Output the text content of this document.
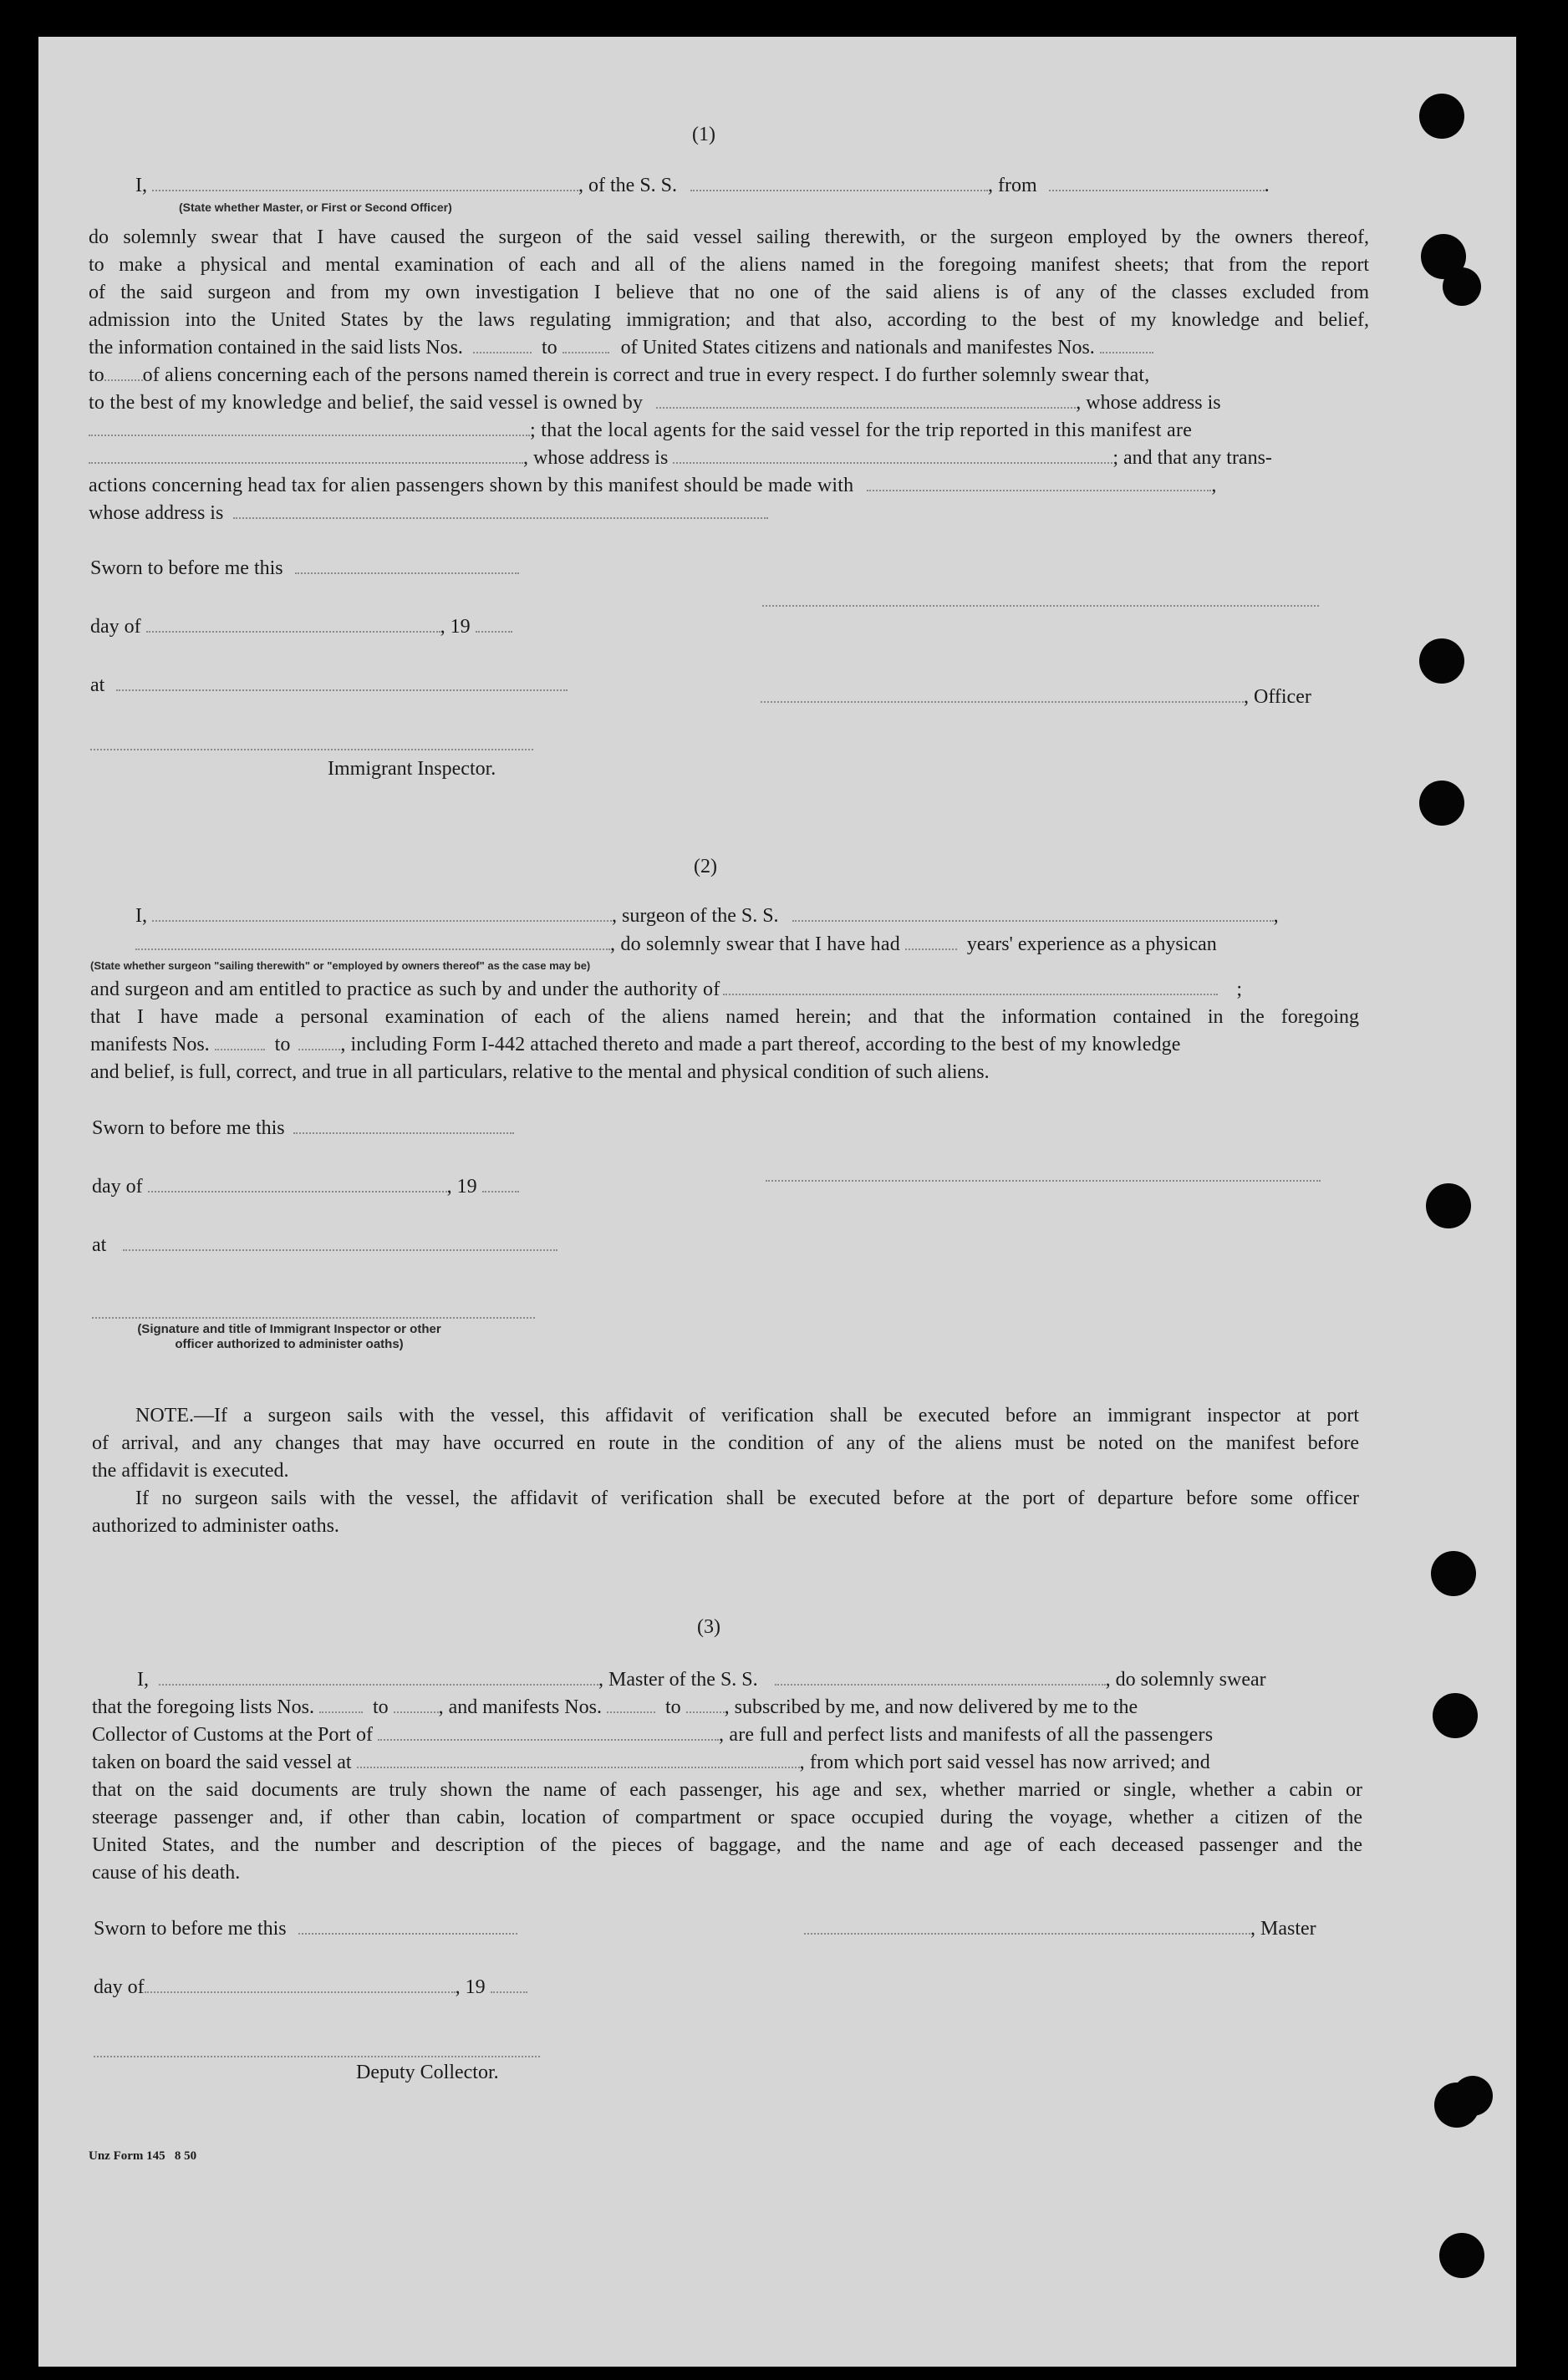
(1)
I,	, of the S. S.	, from	.
(State whether Master, or First or Second Officer)
do solemnly swear that I have caused the surgeon of the said vessel sailing therewith, or the surgeon employed by the owners thereof,
to make a physical and mental examination of each and all of the aliens named in the foregoing manifest sheets; that from the report
of the said surgeon and from my own investigation I believe that no one of the said aliens is of any of the classes excluded from
admission into the United States by the laws regulating immigration; and that also, according to the best of my knowledge and belief,
the information contained in the said lists Nos.	to	of United States citizens and nationals and manifestes Nos.
to of aliens concerning each of the persons named therein is correct and true in every respect. I do further solemnly swear that,
to the best of my knowledge and belief, the said vessel is owned by	, whose address is
; that the local agents for the said vessel for the trip reported in this manifest are
, whose address is	; and that any trans-
actions concerning head tax for alien passengers shown by this manifest should be made with	,
whose address is
Sworn to before me this
day of	, 19
at
, Officer
Immigrant Inspector.
(2)
I,	, surgeon of the S. S.	,
, do solemnly swear that I have had	years' experience as a physican
(State whether surgeon "sailing therewith" or "employed by owners thereof" as the case may be)
and surgeon and am entitled to practice as such by and under the authority of	;
that I have made a personal examination of each of the aliens named herein; and that the information contained in the foregoing
manifests Nos.	to	, including Form I-442 attached thereto and made a part thereof, according to the best of my knowledge
and belief, is full, correct, and true in all particulars, relative to the mental and physical condition of such aliens.
Sworn to before me this
day of	, 19
at
(Signature and title of Immigrant Inspector or other
officer authorized to administer oaths)
NOTE.—If a surgeon sails with the vessel, this affidavit of verification shall be executed before an immigrant inspector at port
of arrival, and any changes that may have occurred en route in the condition of any of the aliens must be noted on the manifest before
the affidavit is executed.
If no surgeon sails with the vessel, the affidavit of verification shall be executed before at the port of departure before some officer
authorized to administer oaths.
(3)
I,	, Master of the S. S.	, do solemnly swear
that the foregoing lists Nos.	to	, and manifests Nos.	to , subscribed by me, and now delivered by me to the
Collector of Customs at the Port of	, are full and perfect lists and manifests of all the passengers
taken on board the said vessel at	, from which port said vessel has now arrived; and
that on the said documents are truly shown the name of each passenger, his age and sex, whether married or single, whether a cabin or
steerage passenger and, if other than cabin, location of compartment or space occupied during the voyage, whether a citizen of the
United States, and the number and description of the pieces of baggage, and the name and age of each deceased passenger and the
cause of his death.
Sworn to before me this	, Master
day of	, 19
Deputy Collector.
Unz Form 145   8 50
